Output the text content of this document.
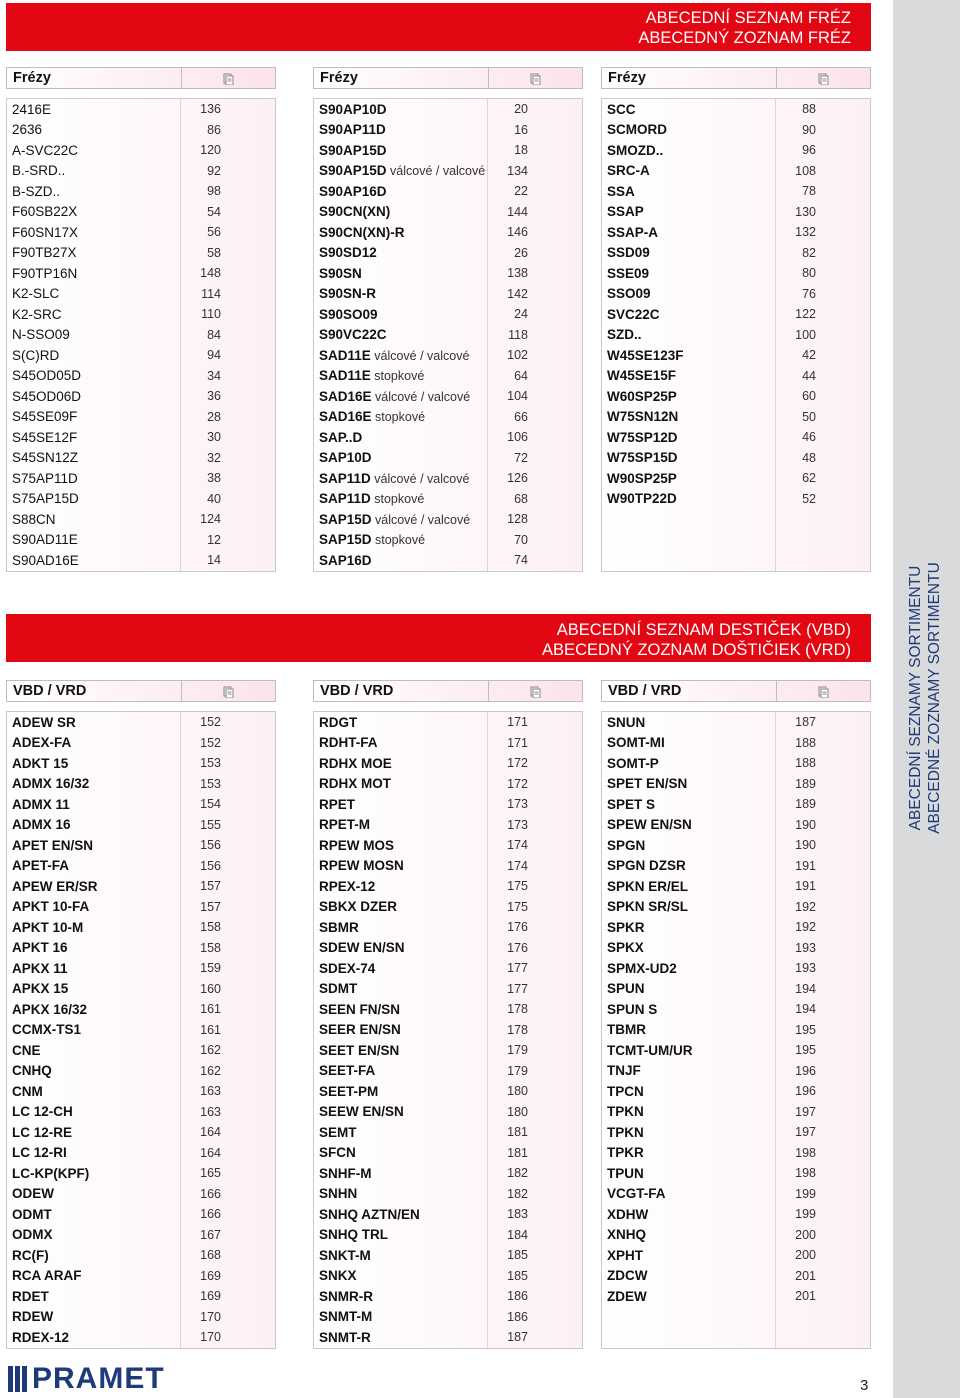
ABECEDNÍ SEZNAM FRÉZ
ABECEDNÝ ZOZNAM FRÉZ
ABECEDNÍ SEZNAM DESTIČEK (VBD)
ABECEDNÝ ZOZNAM DOŠTIČIEK (VRD)	ABECEDNÍ SEZNAMY SORTIMENTU ABECEDNÉ ZOZNAMY SORTIMENTU
Frézy	Frézy	Frézy
2416E	136
2636	86
A-SVC22C	120
B.-SRD..	92
B-SZD..	98
F60SB22X	54
F60SN17X	56
F90TB27X	58
F90TP16N	148
K2-SLC	114
K2-SRC	110
N-SSO09	84
S(C)RD	94
S45OD05D	34
S45OD06D	36
S45SE09F	28
S45SE12F	30
S45SN12Z	32
S75AP11D	38
S75AP15D	40
S88CN	124
S90AD11E	12
S90AD16E	14
S90AP10D	20
S90AP11D	16
S90AP15D	18
S90AP15D válcové / valcové	134
S90AP16D	22
S90CN(XN)	144
S90CN(XN)-R	146
S90SD12	26
S90SN	138
S90SN-R	142
S90SO09	24
S90VC22C	118
SAD11E válcové / valcové	102
SAD11E stopkové	64
SAD16E válcové / valcové	104
SAD16E stopkové	66
SAP..D	106
SAP10D	72
SAP11D válcové / valcové	126
SAP11D stopkové	68
SAP15D válcové / valcové	128
SAP15D stopkové	70
SAP16D	74
SCC	88
SCMORD	90
SMOZD..	96
SRC-A	108
SSA	78
SSAP	130
SSAP-A	132
SSD09	82
SSE09	80
SSO09	76
SVC22C	122
SZD..	100
W45SE123F	42
W45SE15F	44
W60SP25P	60
W75SN12N	50
W75SP12D	46
W75SP15D	48
W90SP25P	62
W90TP22D	52
VBD / VRD	VBD / VRD	VBD / VRD
ADEW SR	152
ADEX-FA	152
ADKT 15	153
ADMX 16/32	153
ADMX 11	154
ADMX 16	155
APET EN/SN	156
APET-FA	156
APEW ER/SR	157
APKT 10-FA	157
APKT 10-M	158
APKT 16	158
APKX 11	159
APKX 15	160
APKX 16/32	161
CCMX-TS1	161
CNE	162
CNHQ	162
CNM	163
LC 12-CH	163
LC 12-RE	164
LC 12-RI	164
LC-KP(KPF)	165
ODEW	166
ODMT	166
ODMX	167
RC(F)	168
RCA ARAF	169
RDET	169
RDEW	170
RDEX-12	170
RDGT	171
RDHT-FA	171
RDHX MOE	172
RDHX MOT	172
RPET	173
RPET-M	173
RPEW MOS	174
RPEW MOSN	174
RPEX-12	175
SBKX DZER	175
SBMR	176
SDEW EN/SN	176
SDEX-74	177
SDMT	177
SEEN FN/SN	178
SEER EN/SN	178
SEET EN/SN	179
SEET-FA	179
SEET-PM	180
SEEW EN/SN	180
SEMT	181
SFCN	181
SNHF-M	182
SNHN	182
SNHQ AZTN/EN	183
SNHQ TRL	184
SNKT-M	185
SNKX	185
SNMR-R	186
SNMT-M	186
SNMT-R	187
SNUN	187
SOMT-MI	188
SOMT-P	188
SPET EN/SN	189
SPET S	189
SPEW EN/SN	190
SPGN	190
SPGN DZSR	191
SPKN ER/EL	191
SPKN SR/SL	192
SPKR	192
SPKX	193
SPMX-UD2	193
SPUN	194
SPUN S	194
TBMR	195
TCMT-UM/UR	195
TNJF	196
TPCN	196
TPKN	197
TPKN	197
TPKR	198
TPUN	198
VCGT-FA	199
XDHW	199
XNHQ	200
XPHT	200
ZDCW	201
ZDEW	201
PRAMET	3
